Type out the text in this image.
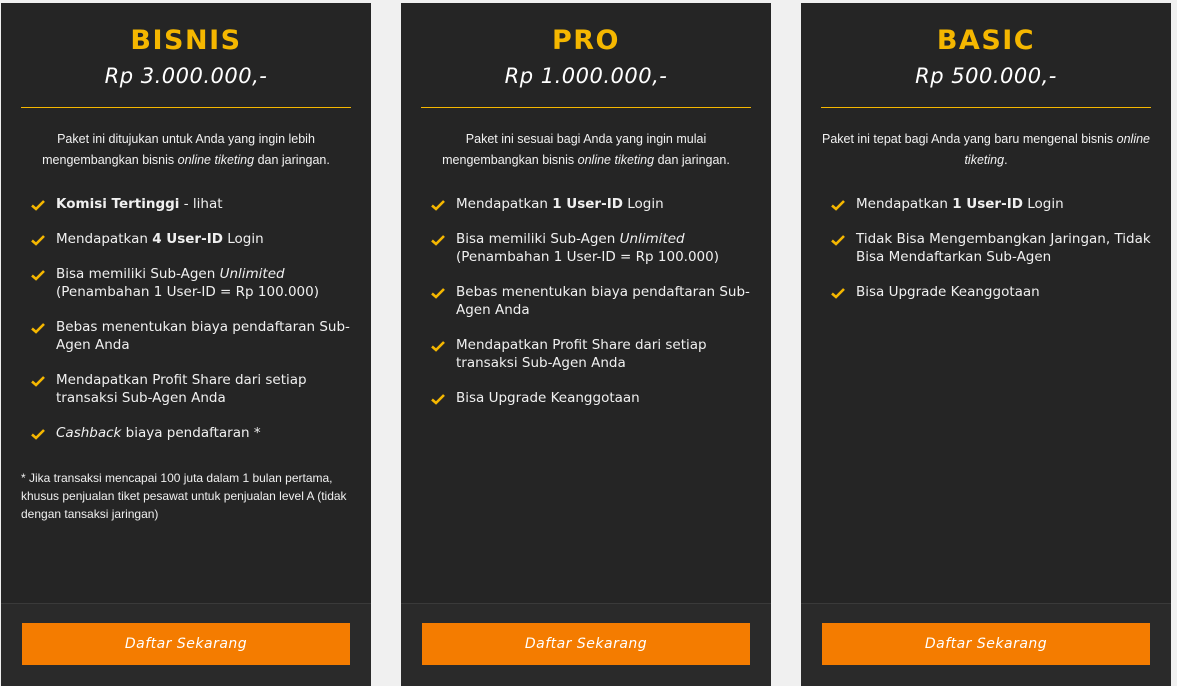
BISNIS
Rp 3.000.000,-
Paket ini ditujukan untuk Anda yang ingin lebih mengembangkan bisnis online tiketing dan jaringan.
Komisi Tertinggi - lihat
Mendapatkan 4 User-ID Login
Bisa memiliki Sub-Agen Unlimited (Penambahan 1 User-ID = Rp 100.000)
Bebas menentukan biaya pendaftaran Sub-Agen Anda
Mendapatkan Profit Share dari setiap transaksi Sub-Agen Anda
Cashback biaya pendaftaran *
* Jika transaksi mencapai 100 juta dalam 1 bulan pertama, khusus penjualan tiket pesawat untuk penjualan level A (tidak dengan tansaksi jaringan)
Daftar Sekarang
PRO
Rp 1.000.000,-
Paket ini sesuai bagi Anda yang ingin mulai mengembangkan bisnis online tiketing dan jaringan.
Mendapatkan 1 User-ID Login
Bisa memiliki Sub-Agen Unlimited (Penambahan 1 User-ID = Rp 100.000)
Bebas menentukan biaya pendaftaran Sub-Agen Anda
Mendapatkan Profit Share dari setiap transaksi Sub-Agen Anda
Bisa Upgrade Keanggotaan
Daftar Sekarang
BASIC
Rp 500.000,-
Paket ini tepat bagi Anda yang baru mengenal bisnis online tiketing.
Mendapatkan 1 User-ID Login
Tidak Bisa Mengembangkan Jaringan, Tidak Bisa Mendaftarkan Sub-Agen
Bisa Upgrade Keanggotaan
Daftar Sekarang
